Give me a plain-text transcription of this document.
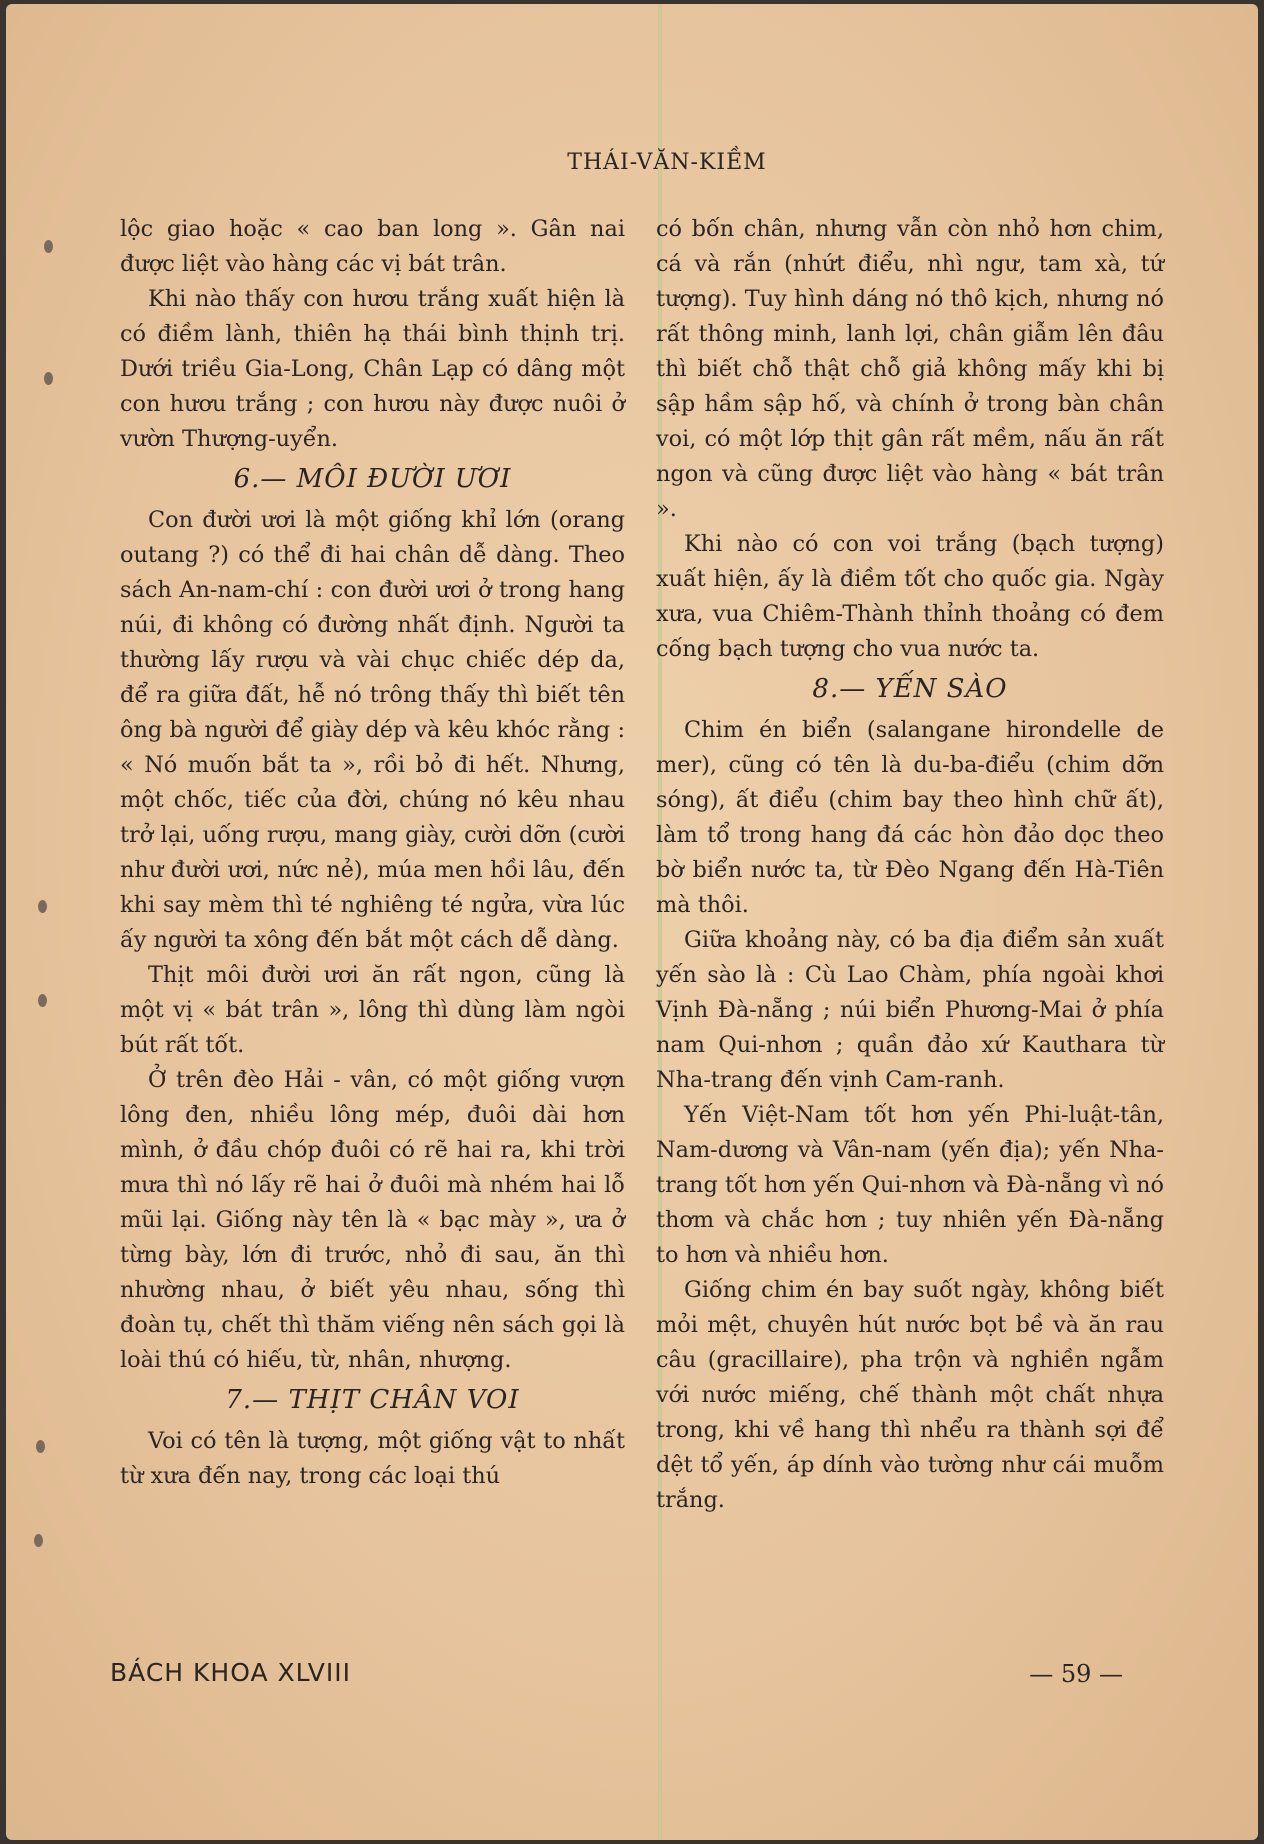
THÁI-VĂN-KIỀM

lộc giao hoặc « cao ban long ». Gân nai được liệt vào hàng các vị bát trân.

Khi nào thấy con hươu trắng xuất hiện là có điềm lành, thiên hạ thái bình thịnh trị. Dưới triều Gia-Long, Chân Lạp có dâng một con hươu trắng ; con hươu này được nuôi ở vườn Thượng-uyển.

6.— MÔI ĐƯỜI ƯƠI

Con đười ươi là một giống khỉ lớn (orang outang ?) có thể đi hai chân dễ dàng. Theo sách An-nam-chí : con đười ươi ở trong hang núi, đi không có đường nhất định. Người ta thường lấy rượu và vài chục chiếc dép da, để ra giữa đất, hễ nó trông thấy thì biết tên ông bà người để giày dép và kêu khóc rằng : « Nó muốn bắt ta », rồi bỏ đi hết. Nhưng, một chốc, tiếc của đời, chúng nó kêu nhau trở lại, uống rượu, mang giày, cười dỡn (cười như đười ươi, nức nẻ), múa men hồi lâu, đến khi say mèm thì té nghiêng té ngửa, vừa lúc ấy người ta xông đến bắt một cách dễ dàng.

Thịt môi đười ươi ăn rất ngon, cũng là một vị « bát trân », lông thì dùng làm ngòi bút rất tốt.

Ở trên đèo Hải - vân, có một giống vượn lông đen, nhiều lông mép, đuôi dài hơn mình, ở đầu chóp đuôi có rẽ hai ra, khi trời mưa thì nó lấy rẽ hai ở đuôi mà nhém hai lỗ mũi lại. Giống này tên là « bạc mày », ưa ở từng bày, lớn đi trước, nhỏ đi sau, ăn thì nhường nhau, ở biết yêu nhau, sống thì đoàn tụ, chết thì thăm viếng nên sách gọi là loài thú có hiếu, từ, nhân, nhượng.

7.— THỊT CHÂN VOI

Voi có tên là tượng, một giống vật to nhất từ xưa đến nay, trong các loại thú

có bốn chân, nhưng vẫn còn nhỏ hơn chim, cá và rắn (nhứt điểu, nhì ngư, tam xà, tứ tượng). Tuy hình dáng nó thô kịch, nhưng nó rất thông minh, lanh lợi, chân giẫm lên đâu thì biết chỗ thật chỗ giả không mấy khi bị sập hầm sập hố, và chính ở trong bàn chân voi, có một lớp thịt gân rất mềm, nấu ăn rất ngon và cũng được liệt vào hàng « bát trân ».

Khi nào có con voi trắng (bạch tượng) xuất hiện, ấy là điềm tốt cho quốc gia. Ngày xưa, vua Chiêm-Thành thỉnh thoảng có đem cống bạch tượng cho vua nước ta.

8.— YẾN SÀO

Chim én biển (salangane hirondelle de mer), cũng có tên là du-ba-điểu (chim dỡn sóng), ất điểu (chim bay theo hình chữ ất), làm tổ trong hang đá các hòn đảo dọc theo bờ biển nước ta, từ Đèo Ngang đến Hà-Tiên mà thôi.

Giữa khoảng này, có ba địa điểm sản xuất yến sào là : Cù Lao Chàm, phía ngoài khơi Vịnh Đà-nẵng ; núi biển Phương-Mai ở phía nam Qui-nhơn ; quần đảo xứ Kauthara từ Nha-trang đến vịnh Cam-ranh.

Yến Việt-Nam tốt hơn yến Phi-luật-tân, Nam-dương và Vân-nam (yến địa); yến Nha-trang tốt hơn yến Qui-nhơn và Đà-nẵng vì nó thơm và chắc hơn ; tuy nhiên yến Đà-nẵng to hơn và nhiều hơn.

Giống chim én bay suốt ngày, không biết mỏi mệt, chuyên hút nước bọt bề và ăn rau câu (gracillaire), pha trộn và nghiền ngẫm với nước miếng, chế thành một chất nhựa trong, khi về hang thì nhểu ra thành sợi để dệt tổ yến, áp dính vào tường như cái muỗm trắng.

BÁCH KHOA XLVIII	— 59 —
